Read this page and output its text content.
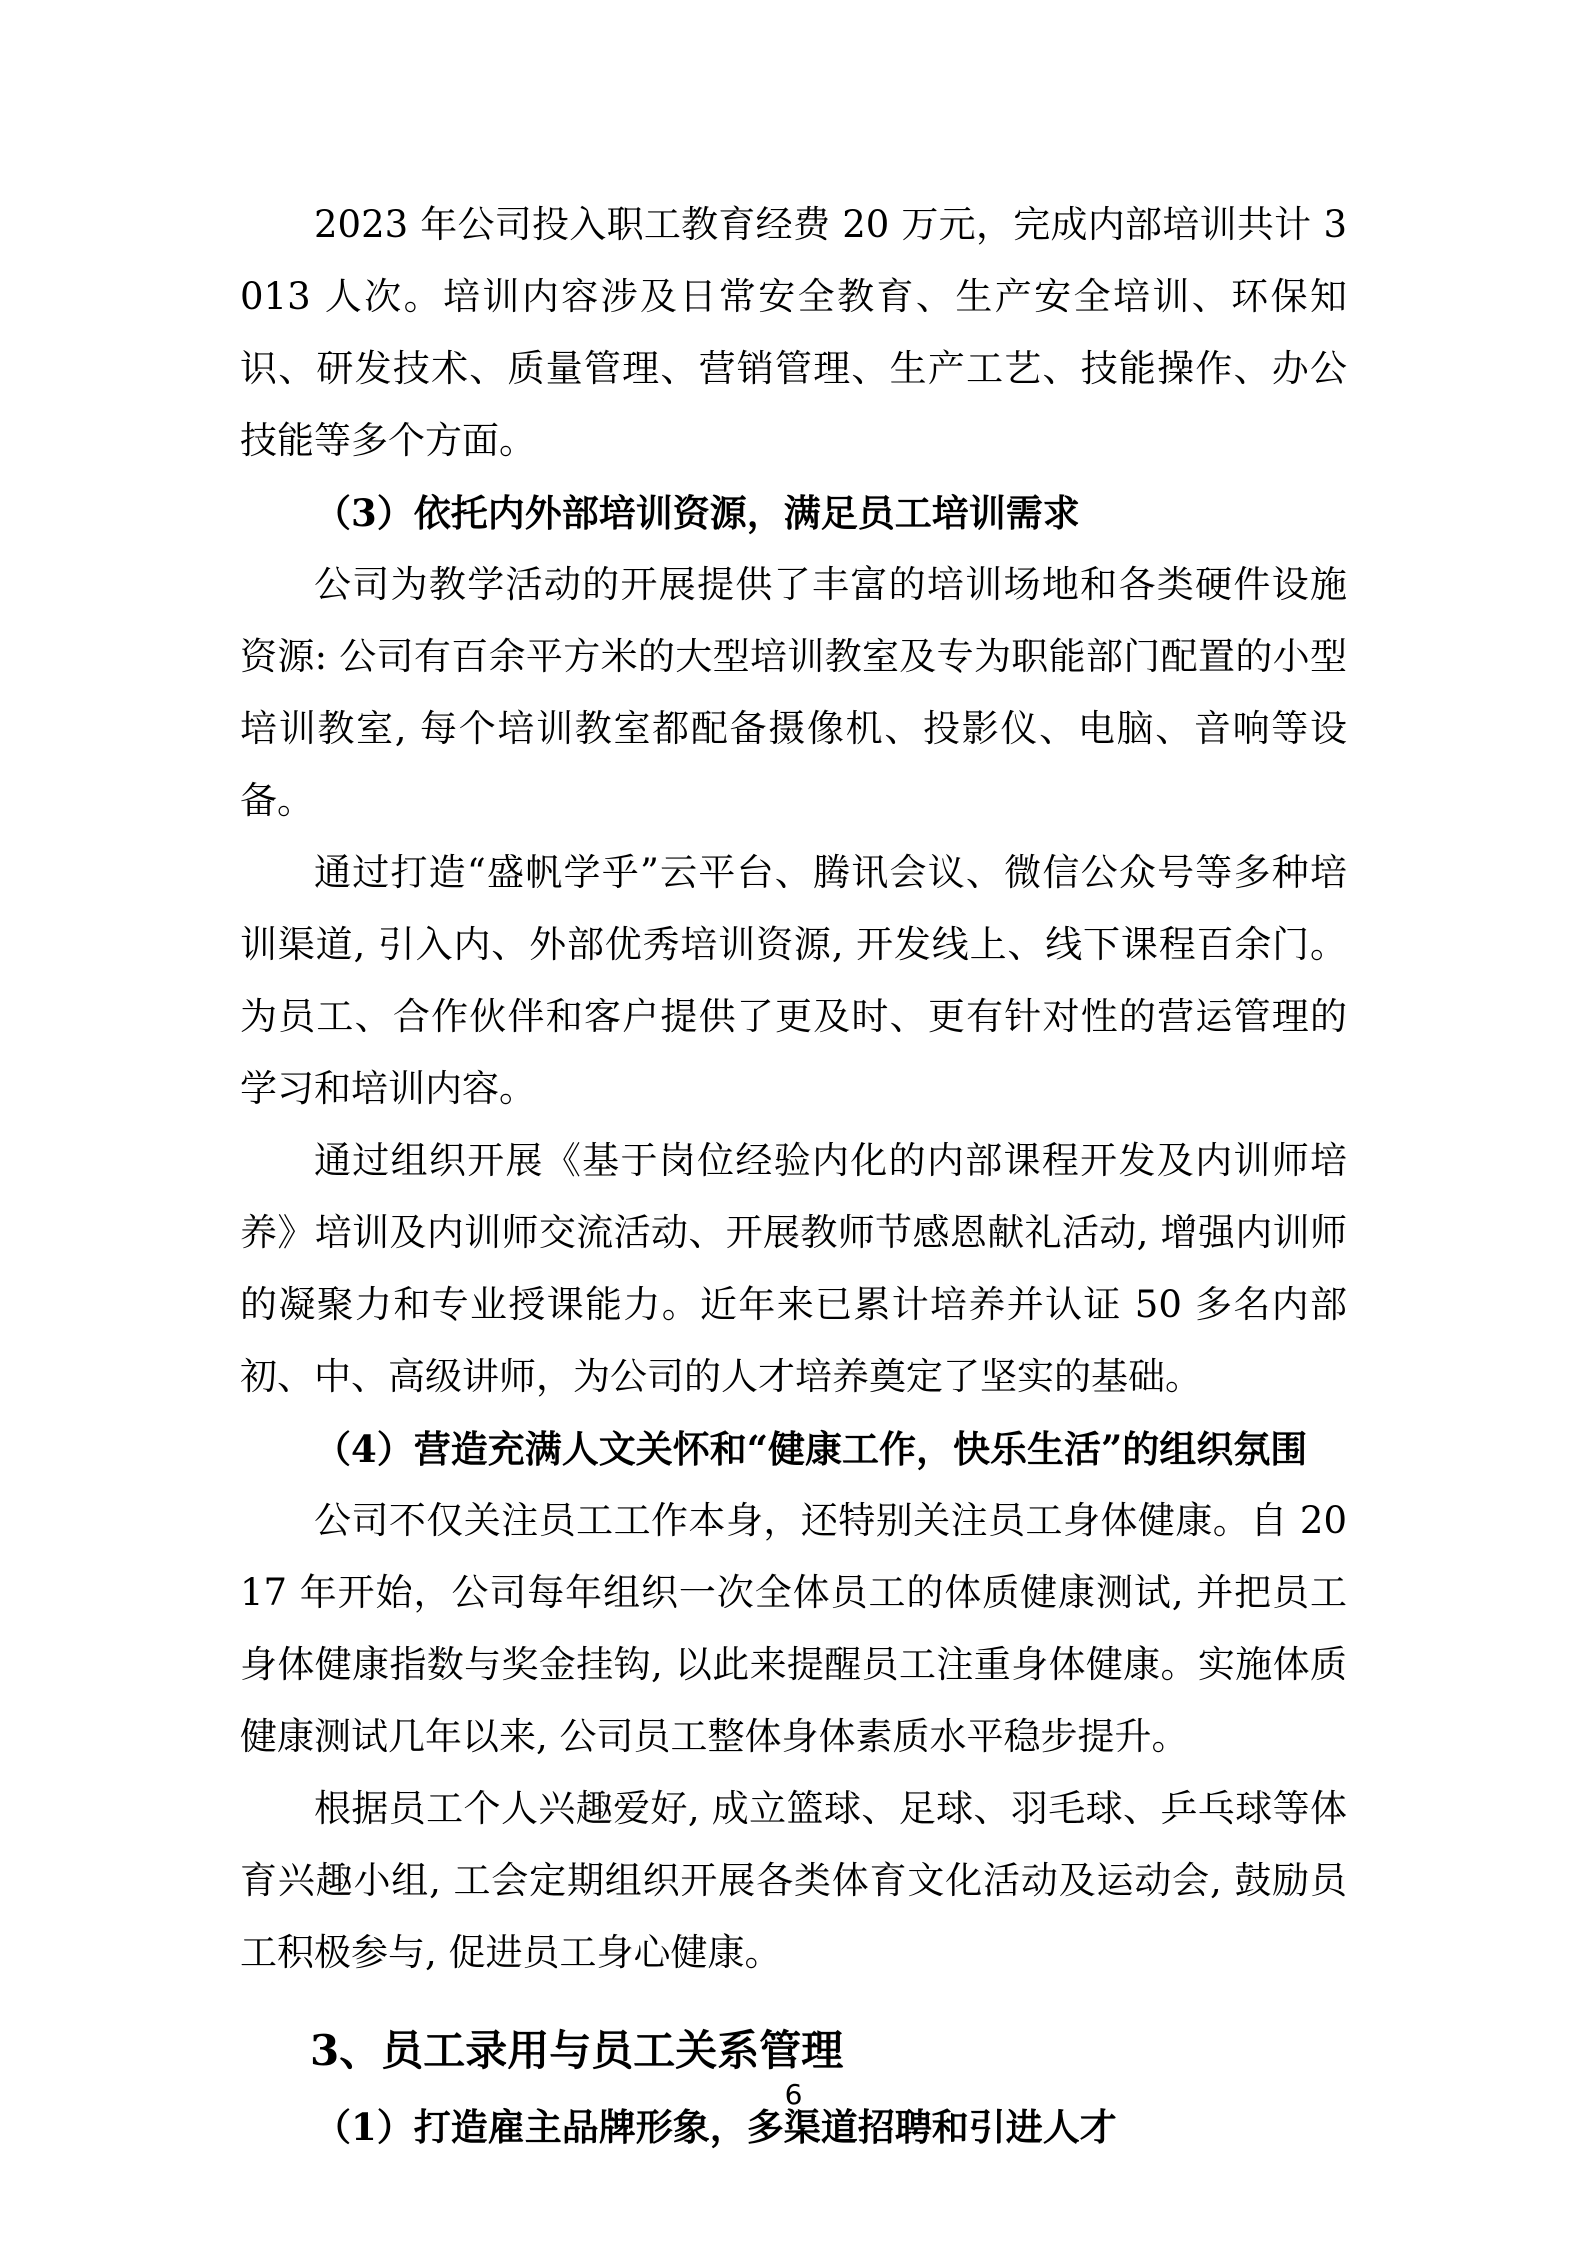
2023 年公司投入职工教育经费 20 万元，完成内部培训共计 3013 人次。培训内容涉及日常安全教育、生产安全培训、环保知识、研发技术、质量管理、营销管理、生产工艺、技能操作、办公技能等多个方面。

（3）依托内外部培训资源，满足员工培训需求

公司为教学活动的开展提供了丰富的培训场地和各类硬件设施资源: 公司有百余平方米的大型培训教室及专为职能部门配置的小型培训教室, 每个培训教室都配备摄像机、投影仪、电脑、音响等设备。

通过打造“盛帆学乎”云平台、腾讯会议、微信公众号等多种培训渠道, 引入内、外部优秀培训资源, 开发线上、线下课程百余门。为员工、合作伙伴和客户提供了更及时、更有针对性的营运管理的学习和培训内容。

通过组织开展《基于岗位经验内化的内部课程开发及内训师培养》培训及内训师交流活动、开展教师节感恩献礼活动, 增强内训师的凝聚力和专业授课能力。近年来已累计培养并认证 50 多名内部初、中、高级讲师，为公司的人才培养奠定了坚实的基础。

（4）营造充满人文关怀和“健康工作，快乐生活”的组织氛围

公司不仅关注员工工作本身，还特别关注员工身体健康。自 2017 年开始，公司每年组织一次全体员工的体质健康测试, 并把员工身体健康指数与奖金挂钩, 以此来提醒员工注重身体健康。实施体质健康测试几年以来, 公司员工整体身体素质水平稳步提升。

根据员工个人兴趣爱好, 成立篮球、足球、羽毛球、乒乓球等体育兴趣小组, 工会定期组织开展各类体育文化活动及运动会, 鼓励员工积极参与, 促进员工身心健康。

3、员工录用与员工关系管理

（1）打造雇主品牌形象，多渠道招聘和引进人才

6
